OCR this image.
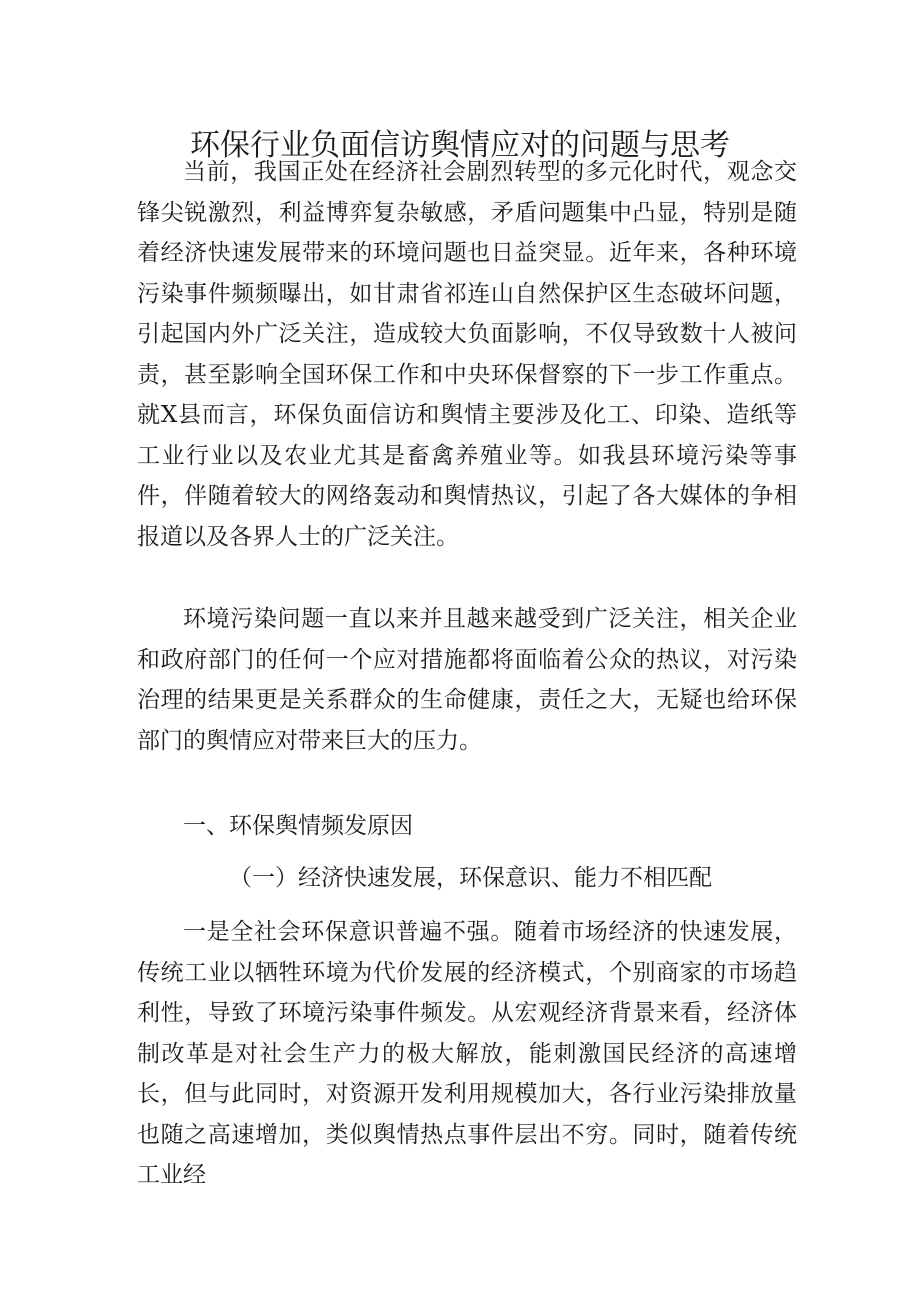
环保行业负面信访舆情应对的问题与思考

当前，我国正处在经济社会剧烈转型的多元化时代，观念交锋尖锐激烈，利益博弈复杂敏感，矛盾问题集中凸显，特别是随着经济快速发展带来的环境问题也日益突显。近年来，各种环境污染事件频频曝出，如甘肃省祁连山自然保护区生态破坏问题，引起国内外广泛关注，造成较大负面影响，不仅导致数十人被问责，甚至影响全国环保工作和中央环保督察的下一步工作重点。就X县而言，环保负面信访和舆情主要涉及化工、印染、造纸等工业行业以及农业尤其是畜禽养殖业等。如我县环境污染等事件，伴随着较大的网络轰动和舆情热议，引起了各大媒体的争相报道以及各界人士的广泛关注。

环境污染问题一直以来并且越来越受到广泛关注，相关企业和政府部门的任何一个应对措施都将面临着公众的热议，对污染治理的结果更是关系群众的生命健康，责任之大，无疑也给环保部门的舆情应对带来巨大的压力。

一、环保舆情频发原因

（一）经济快速发展，环保意识、能力不相匹配

一是全社会环保意识普遍不强。随着市场经济的快速发展，传统工业以牺牲环境为代价发展的经济模式，个别商家的市场趋利性，导致了环境污染事件频发。从宏观经济背景来看，经济体制改革是对社会生产力的极大解放，能刺激国民经济的高速增长，但与此同时，对资源开发利用规模加大，各行业污染排放量也随之高速增加，类似舆情热点事件层出不穷。同时，随着传统工业经
